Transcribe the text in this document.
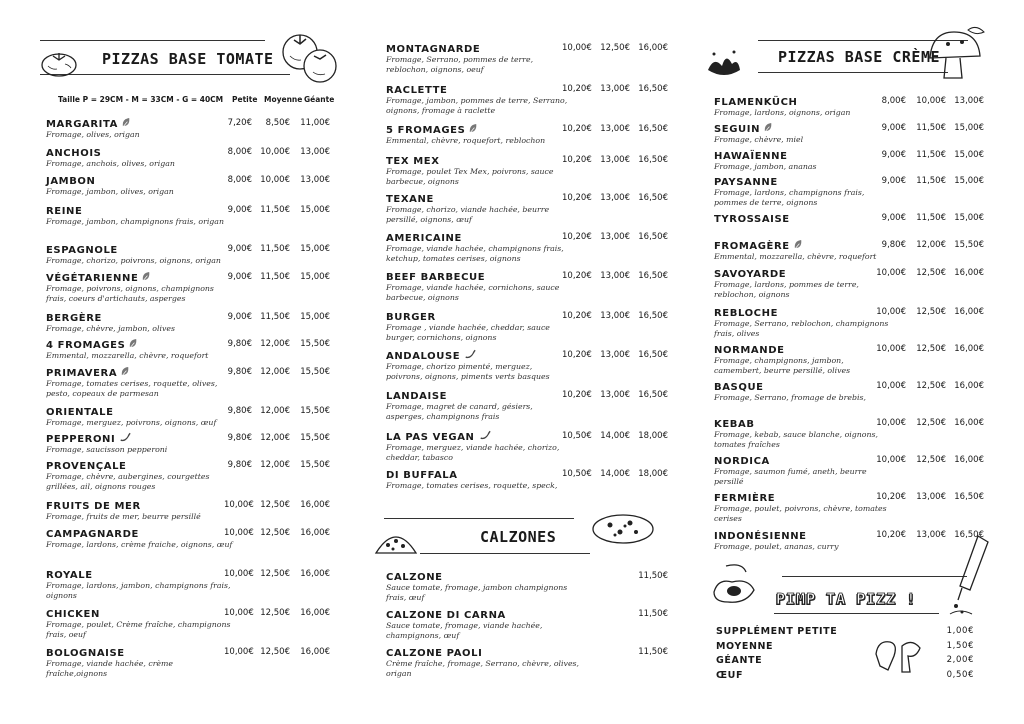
PIZZAS BASE TOMATE
Taille P = 29CM - M = 33CM - G = 40CM Petite Moyenne Géante
MARGARITA
Fromage, olives, origan
7,20€ 8,50€ 11,00€
ANCHOIS
Fromage, anchois, olives, origan
8,00€ 10,00€ 13,00€
JAMBON
Fromage, jambon, olives, origan
8,00€ 10,00€ 13,00€
REINE
Fromage, jambon, champignons frais, origan
9,00€ 11,50€ 15,00€
ESPAGNOLE
Fromage, chorizo, poivrons, oignons, origan
9,00€ 11,50€ 15,00€
VÉGÉTARIENNE
Fromage, poivrons, oignons, champignons frais, coeurs d'artichauts, asperges
9,00€ 11,50€ 15,00€
BERGÈRE
Fromage, chèvre, jambon, olives
9,00€ 11,50€ 15,00€
4 FROMAGES
Emmental, mozzarella, chèvre, roquefort
9,80€ 12,00€ 15,50€
PRIMAVERA
Fromage, tomates cerises, roquette, olives, pesto, copeaux de parmesan
9,80€ 12,00€ 15,50€
ORIENTALE
Fromage, merguez, poivrons, oignons, œuf
9,80€ 12,00€ 15,50€
PEPPERONI
Fromage, saucisson pepperoni
9,80€ 12,00€ 15,50€
PROVENÇALE
Fromage, chèvre, aubergines, courgettes grillées, ail, oignons rouges
9,80€ 12,00€ 15,50€
FRUITS DE MER
Fromage, fruits de mer, beurre persillé
10,00€ 12,50€ 16,00€
CAMPAGNARDE
Fromage, lardons, crème fraiche, oignons, œuf
10,00€ 12,50€ 16,00€
ROYALE
Fromage, lardons, jambon, champignons frais, oignons
10,00€ 12,50€ 16,00€
CHICKEN
Fromage, poulet, Crème fraîche, champignons frais, oeuf
10,00€ 12,50€ 16,00€
BOLOGNAISE
Fromage, viande hachée, crème fraîche,oignons
10,00€ 12,50€ 16,00€
MONTAGNARDE
Fromage, Serrano, pommes de terre, reblochon, oignons, oeuf
10,00€ 12,50€ 16,00€
RACLETTE
Fromage, jambon, pommes de terre, Serrano, oignons, fromage à raclette
10,20€ 13,00€ 16,50€
5 FROMAGES
Emmental, chèvre, roquefort, reblochon
10,20€ 13,00€ 16,50€
TEX MEX
Fromage, poulet Tex Mex, poivrons, sauce barbecue, oignons
10,20€ 13,00€ 16,50€
TEXANE
Fromage, chorizo, viande hachée, beurre persillé, oignons, œuf
10,20€ 13,00€ 16,50€
AMERICAINE
Fromage, viande hachée, champignons frais, ketchup, tomates cerises, oignons
10,20€ 13,00€ 16,50€
BEEF BARBECUE
Fromage, viande hachée, cornichons, sauce barbecue, oignons
10,20€ 13,00€ 16,50€
BURGER
Fromage , viande hachée, cheddar, sauce burger, cornichons, oignons
10,20€ 13,00€ 16,50€
ANDALOUSE
Fromage, chorizo pimenté, merguez, poivrons, oignons, piments verts basques
10,20€ 13,00€ 16,50€
LANDAISE
Fromage, magret de canard, gésiers, asperges, champignons frais
10,20€ 13,00€ 16,50€
LA PAS VEGAN
Fromage, merguez, viande hachée, chorizo, cheddar, tabasco
10,50€ 14,00€ 18,00€
DI BUFFALA
Fromage, tomates cerises, roquette, speck,
10,50€ 14,00€ 18,00€
CALZONES
CALZONE
Sauce tomate, fromage, jambon champignons frais, œuf
11,50€
CALZONE DI CARNA
Sauce tomate, fromage, viande hachée, champignons, œuf
11,50€
CALZONE PAOLI
Crème fraîche, fromage, Serrano, chèvre, olives, origan
11,50€
PIZZAS BASE CRÈME
FLAMENKÜCH
Fromage, lardons, oignons, origan
8,00€ 10,00€ 13,00€
SEGUIN
Fromage, chèvre, miel
9,00€ 11,50€ 15,00€
HAWAÏENNE
Fromage, jambon, ananas
9,00€ 11,50€ 15,00€
PAYSANNE
Fromage, lardons, champignons frais, pommes de terre, oignons
9,00€ 11,50€ 15,00€
TYROSSAISE	9,00€ 11,50€ 15,00€
FROMAGÈRE
Emmental, mozzarella, chèvre, roquefort
9,80€ 12,00€ 15,50€
SAVOYARDE
Fromage, lardons, pommes de terre, reblochon, oignons
10,00€ 12,50€ 16,00€
REBLOCHE
Fromage, Serrano, reblochon, champignons frais, olives
10,00€ 12,50€ 16,00€
NORMANDE
Fromage, champignons, jambon, camembert, beurre persillé, olives
10,00€ 12,50€ 16,00€
BASQUE
Fromage, Serrano, fromage de brebis,
10,00€ 12,50€ 16,00€
KEBAB
Fromage, kebab, sauce blanche, oignons, tomates fraîches
10,00€ 12,50€ 16,00€
NORDICA
Fromage, saumon fumé, aneth, beurre persillé
10,00€ 12,50€ 16,00€
FERMIÈRE
Fromage, poulet, poivrons, chèvre, tomates cerises
10,20€ 13,00€ 16,50€
INDONÉSIENNE
Fromage, poulet, ananas, curry
10,20€ 13,00€ 16,50€
PIMP TA PIZZ !
SUPPLÉMENT PETITE	1,00€
MOYENNE	1,50€
GÉANTE	2,00€
ŒUF	0,50€
